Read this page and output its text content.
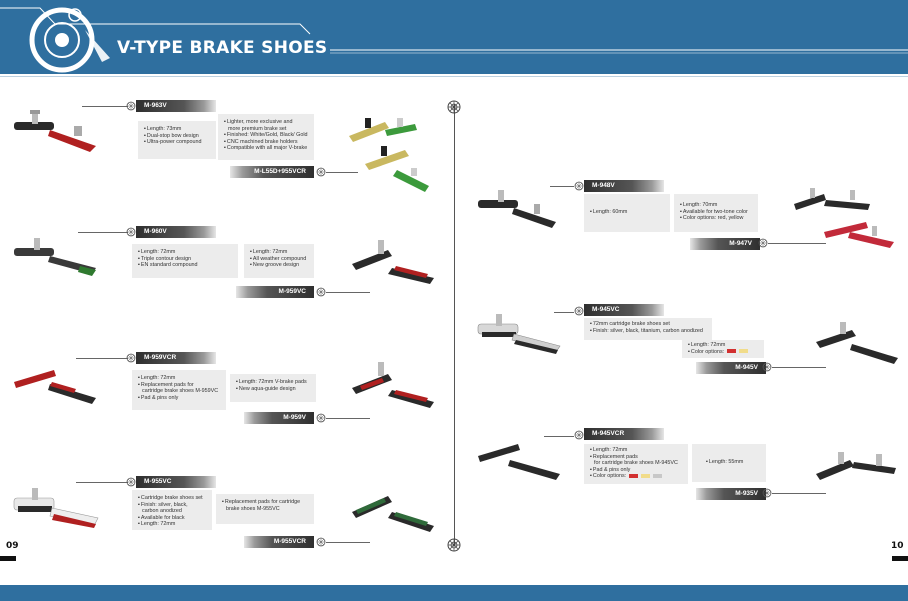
V-TYPE BRAKE SHOES
M-963V
▪ Length: 73mm
▪ Dual-stop bow design
▪ Ultra-power compound
▪ Lighter, more exclusive and
more premium brake set
▪ Finished: White/Gold, Black/ Gold
▪ CNC machined brake holders
▪ Compatible with all major V-brake
M-L55D+955VCR
M-960V
▪ Length: 72mm
▪ Triple contour design
▪ EN standard compound
▪ Length: 72mm
▪ All weather compound
▪ New groove design
M-959VC
M-959VCR
▪ Length: 72mm
▪ Replacement pads for
cartridge brake shoes M-959VC
▪ Pad & pins only
▪ Length: 72mm V-brake pads
▪ New aqua-guide design
M-959V
M-955VC
▪ Cartridge brake shoes set
▪ Finish: silver, black,
carbon anodized
▪ Available for black
▪ Length: 72mm
▪ Replacement pads for cartridge
brake shoes M-955VC
M-955VCR
09
M-948V
▪ Length: 60mm
▪ Length: 70mm
▪ Available for two-tone color
▪ Color options: red, yellow
M-947V
M-945VC
▪ 72mm cartridge brake shoes set
▪ Finish: silver, black, titanium, carbon anodized
▪ Length: 72mm
▪ Color options:
M-945V
M-945VCR
▪ Length: 72mm
▪ Replacement pads
for cartridge brake shoes M-945VC
▪ Pad & pins only
▪ Color options:
▪ Length: 55mm
M-935V
10
